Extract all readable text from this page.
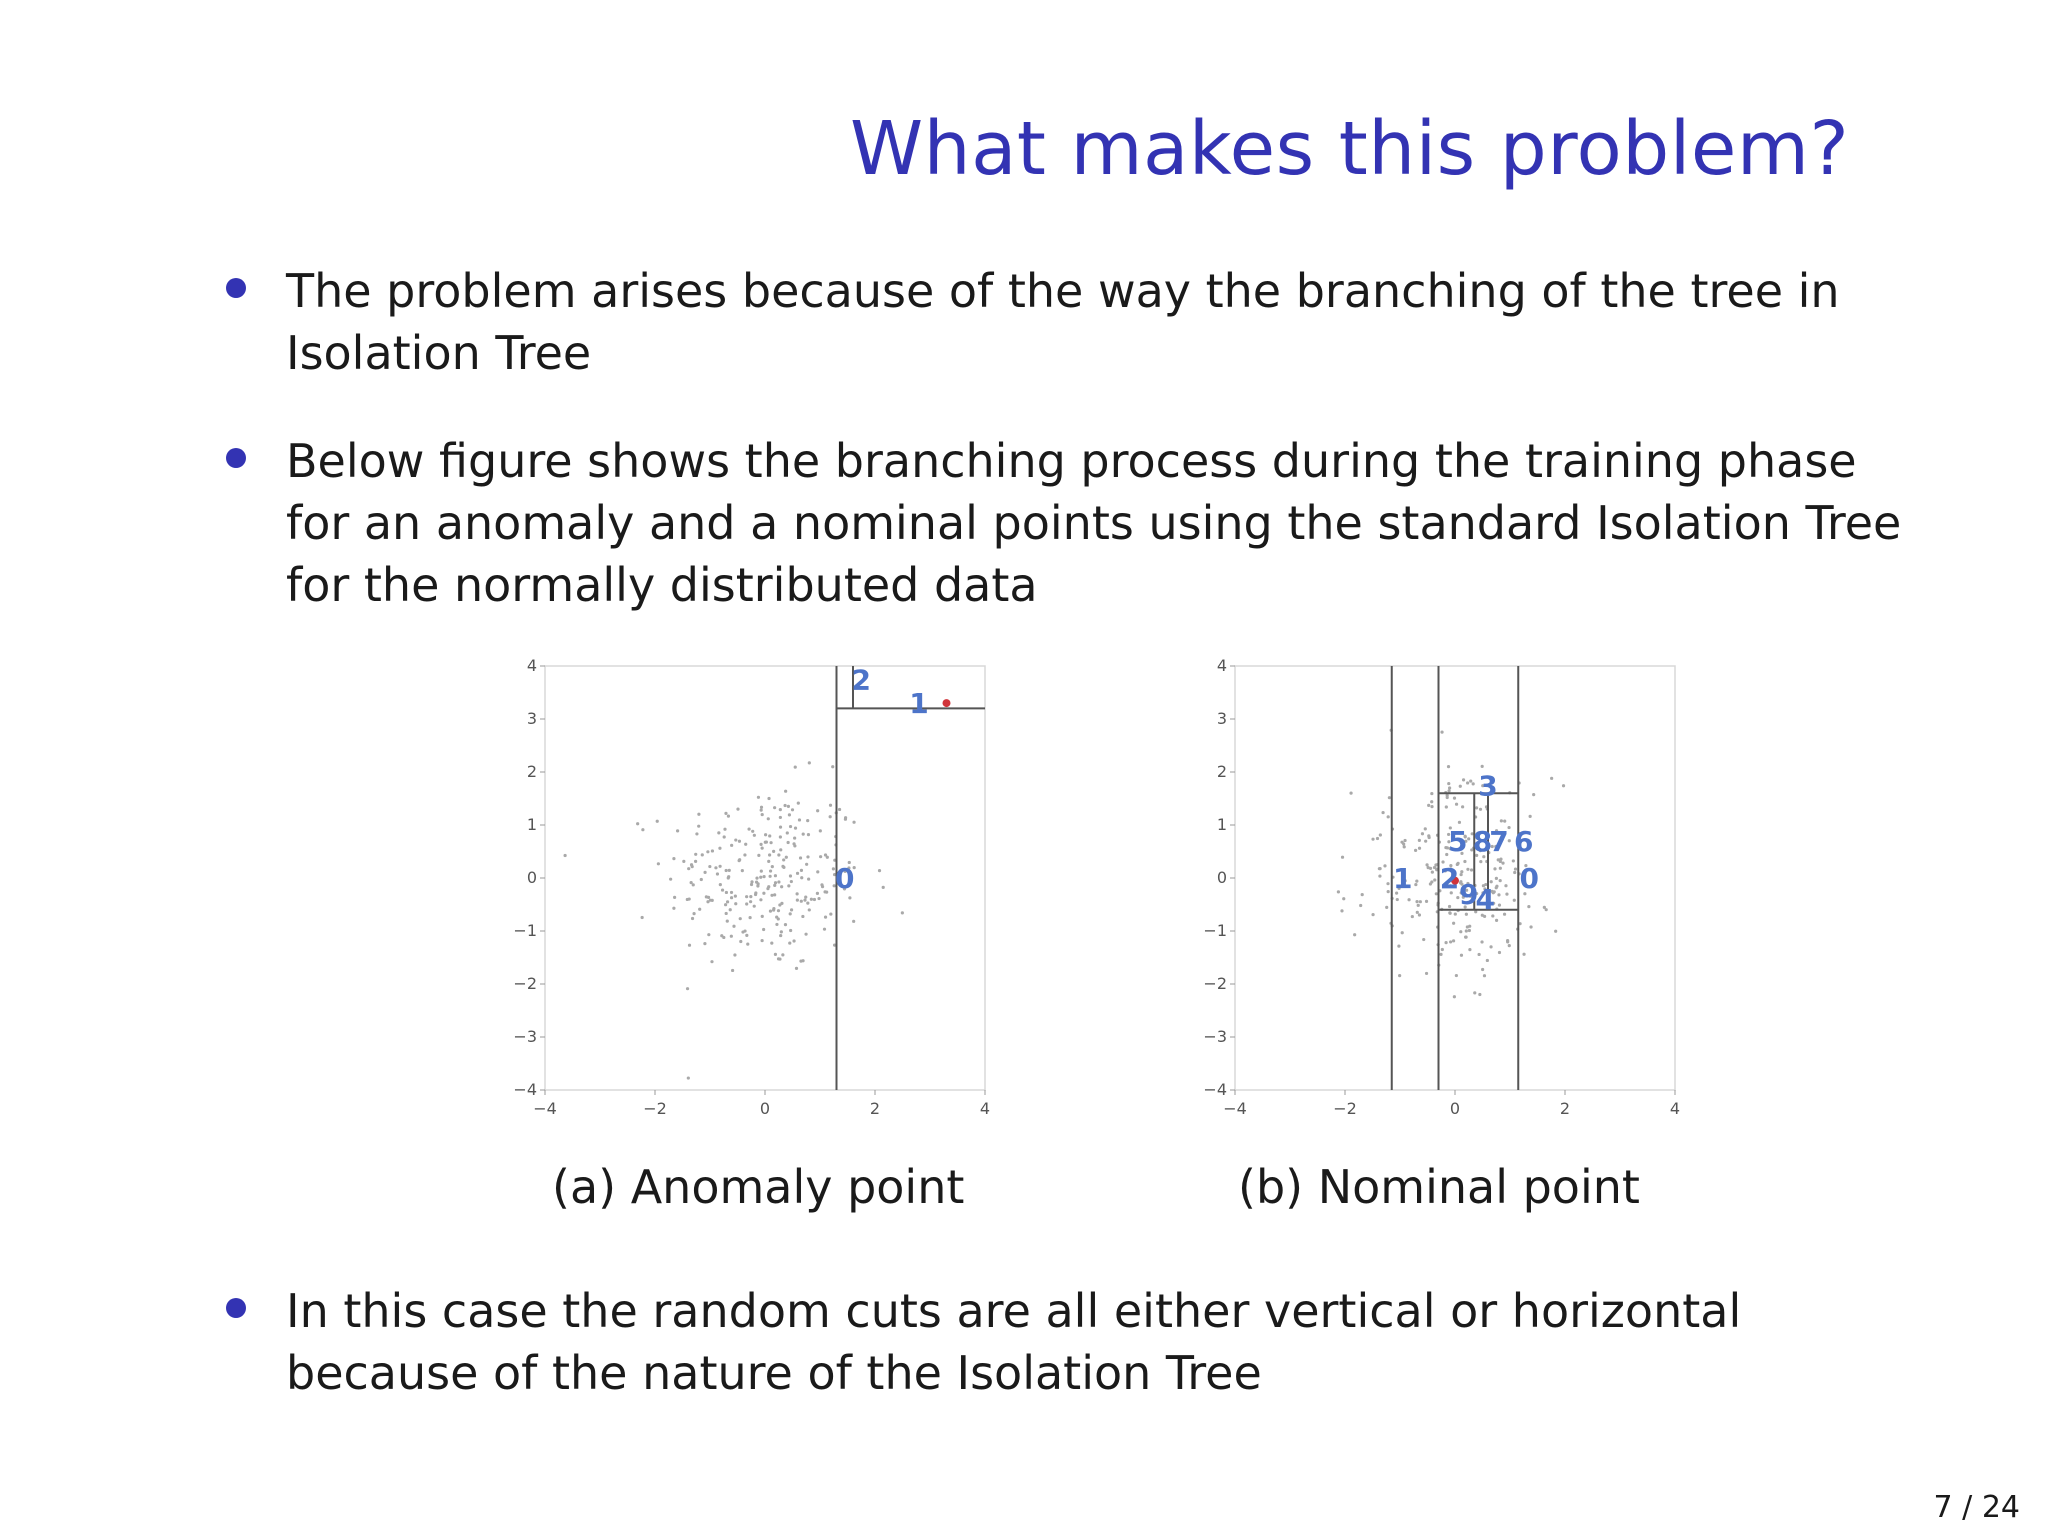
What makes this problem?
The problem arises because of the way the branching of the tree in Isolation Tree
Below figure shows the branching process during the training phase for an anomaly and a nominal points using the standard Isolation Tree for the normally distributed data
In this case the random cuts are all either vertical or horizontal because of the nature of the Isolation Tree
4
3
2
1
0
−1
−2
−3
−4
−4	−2	0	2	4
0
1
2
(a) Anomaly point
4
3
2
1
0
−1
−2
−3
−4
−4	−2	0	2	4
1 2
3
5 8
7 6
0
9
4
(b) Nominal point
7 / 24
